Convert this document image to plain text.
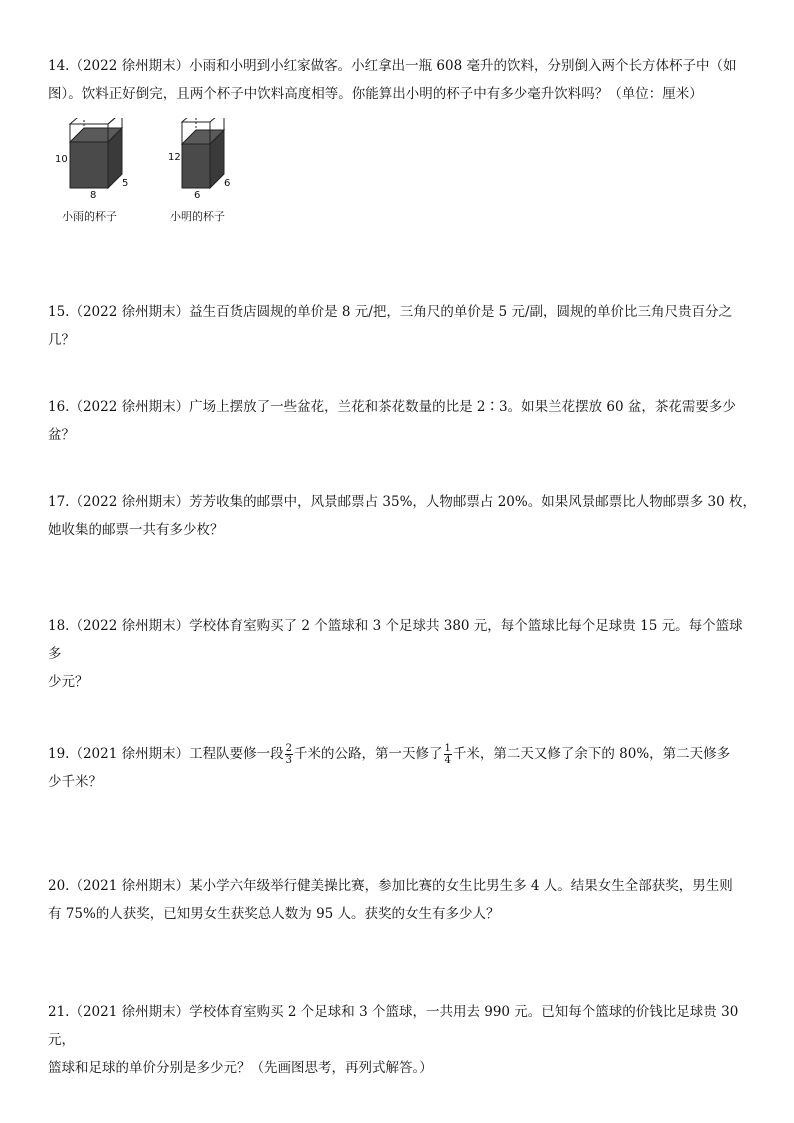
14.（2022 徐州期末）小雨和小明到小红家做客。小红拿出一瓶 608 毫升的饮料，分别倒入两个长方体杯子中（如

图）。饮料正好倒完，且两个杯子中饮料高度相等。你能算出小明的杯子中有多少毫升饮料吗？（单位：厘米）

10
8
5
12
6
6
小雨的杯子	小明的杯子

15.（2022 徐州期末）益生百货店圆规的单价是 8 元/把，三角尺的单价是 5 元/副，圆规的单价比三角尺贵百分之几？

16.（2022 徐州期末）广场上摆放了一些盆花，兰花和茶花数量的比是 2∶3。如果兰花摆放 60 盆，茶花需要多少盆？

17.（2022 徐州期末）芳芳收集的邮票中，风景邮票占 35%，人物邮票占 20%。如果风景邮票比人物邮票多 30 枚，

她收集的邮票一共有多少枚？

18.（2022 徐州期末）学校体育室购买了 2 个篮球和 3 个足球共 380 元，每个篮球比每个足球贵 15 元。每个篮球多

少元？

19.（2021 徐州期末）工程队要修一段 $\frac{2}{3}$ 千米的公路，第一天修了 $\frac{1}{4}$ 千米，第二天又修了余下的 80%，第二天修多

少千米？

20.（2021 徐州期末）某小学六年级举行健美操比赛，参加比赛的女生比男生多 4 人。结果女生全部获奖，男生则

有 75%的人获奖，已知男女生获奖总人数为 95 人。获奖的女生有多少人？

21.（2021 徐州期末）学校体育室购买 2 个足球和 3 个篮球，一共用去 990 元。已知每个篮球的价钱比足球贵 30 元，

篮球和足球的单价分别是多少元？（先画图思考，再列式解答。）
